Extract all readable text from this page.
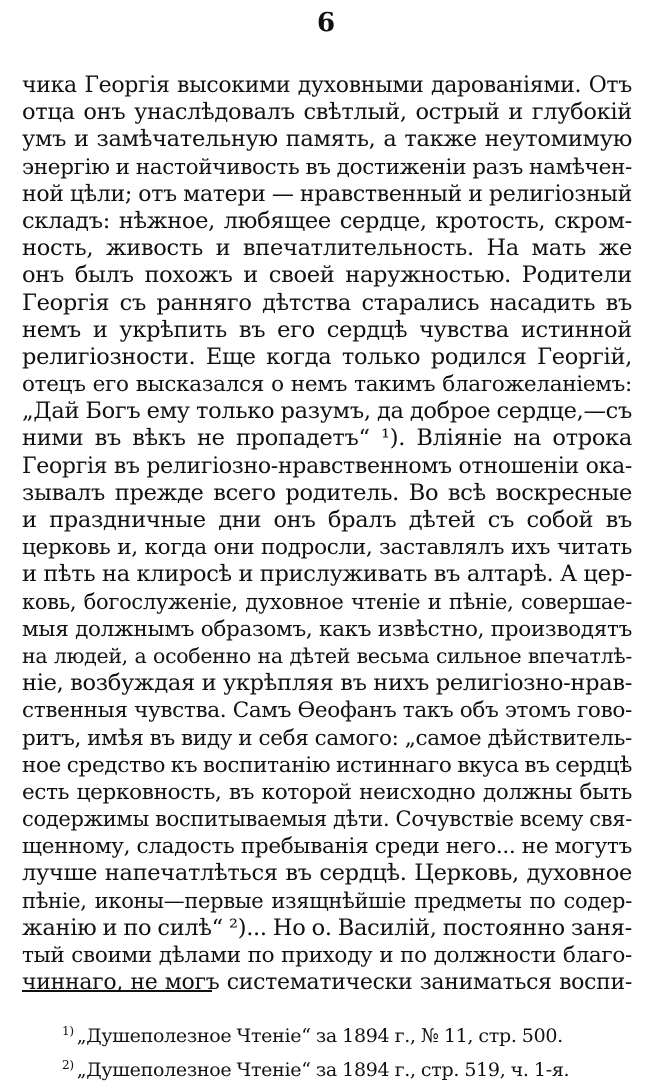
6
чика Георгія высокими духовными дарованіями. Отъ
отца онъ унаслѣдовалъ свѣтлый, острый и глубокій
умъ и замѣчательную память, а также неутомимую
энергію и настойчивость въ достиженіи разъ намѣчен-
ной цѣли; отъ матери — нравственный и религіозный
складъ: нѣжное, любящее сердце, кротость, скром-
ность, живость и впечатлительность. На мать же
онъ былъ похожъ и своей наружностью. Родители
Георгія съ ранняго дѣтства старались насадить въ
немъ и укрѣпить въ его сердцѣ чувства истинной
религіозности. Еще когда только родился Георгій,
отецъ его высказался о немъ такимъ благожеланіемъ:
„Дай Богъ ему только разумъ, да доброе сердце,—съ
ними въ вѣкъ не пропадетъ“ ¹). Вліяніе на отрока
Георгія въ религіозно-нравственномъ отношеніи ока-
зывалъ прежде всего родитель. Во всѣ воскресные
и праздничные дни онъ бралъ дѣтей съ собой въ
церковь и, когда они подросли, заставлялъ ихъ читать
и пѣть на клиросѣ и прислуживать въ алтарѣ. А цер-
ковь, богослуженіе, духовное чтеніе и пѣніе, совершае-
мыя должнымъ образомъ, какъ извѣстно, производятъ
на людей, а особенно на дѣтей весьма сильное впечатлѣ-
ніе, возбуждая и укрѣпляя въ нихъ религіозно-нрав-
ственныя чувства. Самъ Ѳеофанъ такъ объ этомъ гово-
ритъ, имѣя въ виду и себя самого: „самое дѣйствитель-
ное средство къ воспитанію истиннаго вкуса въ сердцѣ
есть церковность, въ которой неисходно должны быть
содержимы воспитываемыя дѣти. Сочувствіе всему свя-
щенному, сладость пребыванія среди него... не могутъ
лучше напечатлѣться въ сердцѣ. Церковь, духовное
пѣніе, иконы—первые изящнѣйшіе предметы по содер-
жанію и по силѣ“ ²)... Но о. Василій, постоянно заня-
тый своими дѣлами по приходу и по должности благо-
чиннаго, не могъ систематически заниматься воспи-
$^{1)}$ „Душеполезное Чтеніе“ за 1894 г., № 11, стр. 500.
$^{2)}$ „Душеполезное Чтеніе“ за 1894 г., стр. 519, ч. 1-я.
